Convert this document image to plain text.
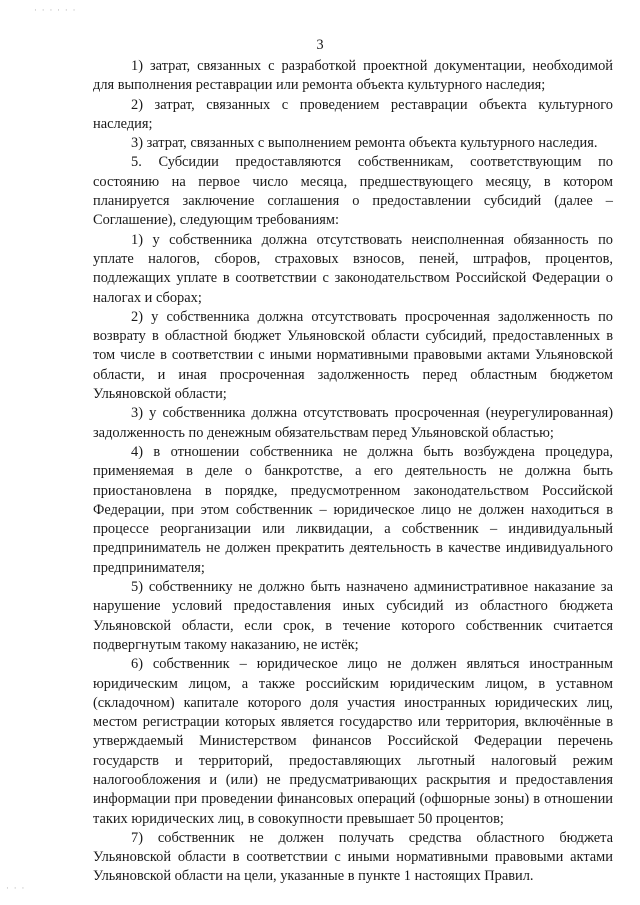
· · · · · ·
· · ·
3

1) затрат, связанных с разработкой проектной документации, необходимой для выполнения реставрации или ремонта объекта культурного наследия;

2) затрат, связанных с проведением реставрации объекта культурного наследия;

3) затрат, связанных с выполнением ремонта объекта культурного наследия.

5. Субсидии предоставляются собственникам, соответствующим по состоянию на первое число месяца, предшествующего месяцу, в котором планируется заключение соглашения о предоставлении субсидий (далее – Соглашение), следующим требованиям:

1) у собственника должна отсутствовать неисполненная обязанность по уплате налогов, сборов, страховых взносов, пеней, штрафов, процентов, подлежащих уплате в соответствии с законодательством Российской Федерации о налогах и сборах;

2) у собственника должна отсутствовать просроченная задолженность по возврату в областной бюджет Ульяновской области субсидий, предоставленных в том числе в соответствии с иными нормативными правовыми актами Ульяновской области, и иная просроченная задолженность перед областным бюджетом Ульяновской области;

3) у собственника должна отсутствовать просроченная (неурегулированная) задолженность по денежным обязательствам перед Ульяновской областью;

4) в отношении собственника не должна быть возбуждена процедура, применяемая в деле о банкротстве, а его деятельность не должна быть приостановлена в порядке, предусмотренном законодательством Российской Федерации, при этом собственник – юридическое лицо не должен находиться в процессе реорганизации или ликвидации, а собственник – индивидуальный предприниматель не должен прекратить деятельность в качестве индивидуального предпринимателя;

5) собственнику не должно быть назначено административное наказание за нарушение условий предоставления иных субсидий из областного бюджета Ульяновской области, если срок, в течение которого собственник считается подвергнутым такому наказанию, не истёк;

6) собственник – юридическое лицо не должен являться иностранным юридическим лицом, а также российским юридическим лицом, в уставном (складочном) капитале которого доля участия иностранных юридических лиц, местом регистрации которых является государство или территория, включённые в утверждаемый Министерством финансов Российской Федерации перечень государств и территорий, предоставляющих льготный налоговый режим налогообложения и (или) не предусматривающих раскрытия и предоставления информации при проведении финансовых операций (офшорные зоны) в отношении таких юридических лиц, в совокупности превышает 50 процентов;

7) собственник не должен получать средства областного бюджета Ульяновской области в соответствии с иными нормативными правовыми актами Ульяновской области на цели, указанные в пункте 1 настоящих Правил.
